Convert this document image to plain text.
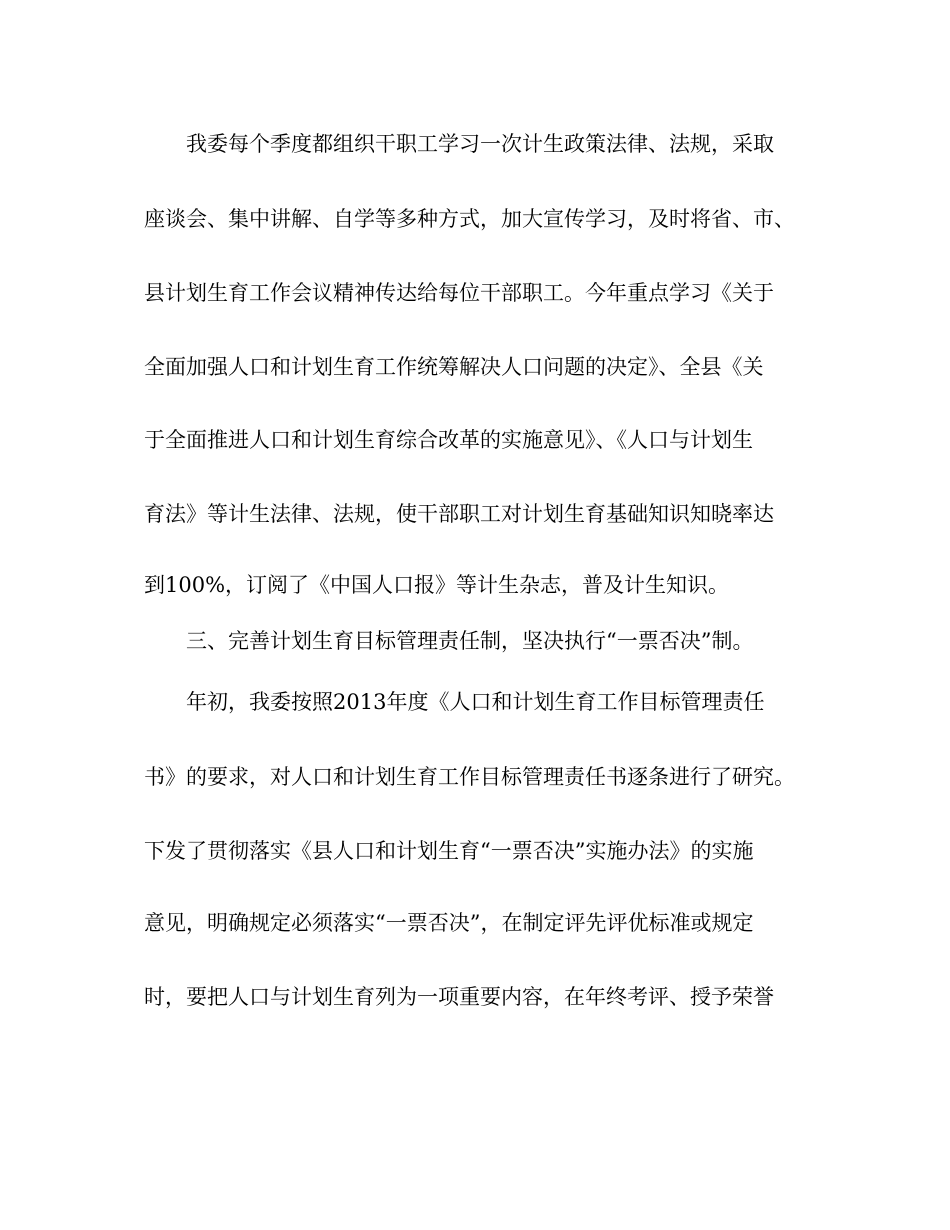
我委每个季度都组织干职工学习一次计生政策法律、法规，采取
座谈会、集中讲解、自学等多种方式，加大宣传学习，及时将省、市、
县计划生育工作会议精神传达给每位干部职工。今年重点学习《关于
全面加强人口和计划生育工作统筹解决人口问题的决定》、全县《关
于全面推进人口和计划生育综合改革的实施意见》、《人口与计划生
育法》等计生法律、法规，使干部职工对计划生育基础知识知晓率达
到100%，订阅了《中国人口报》等计生杂志，普及计生知识。
三、完善计划生育目标管理责任制，坚决执行“一票否决”制。
年初，我委按照2013年度《人口和计划生育工作目标管理责任
书》的要求，对人口和计划生育工作目标管理责任书逐条进行了研究。
下发了贯彻落实《县人口和计划生育“一票否决”实施办法》的实施
意见，明确规定必须落实“一票否决”，在制定评先评优标准或规定
时，要把人口与计划生育列为一项重要内容，在年终考评、授予荣誉
